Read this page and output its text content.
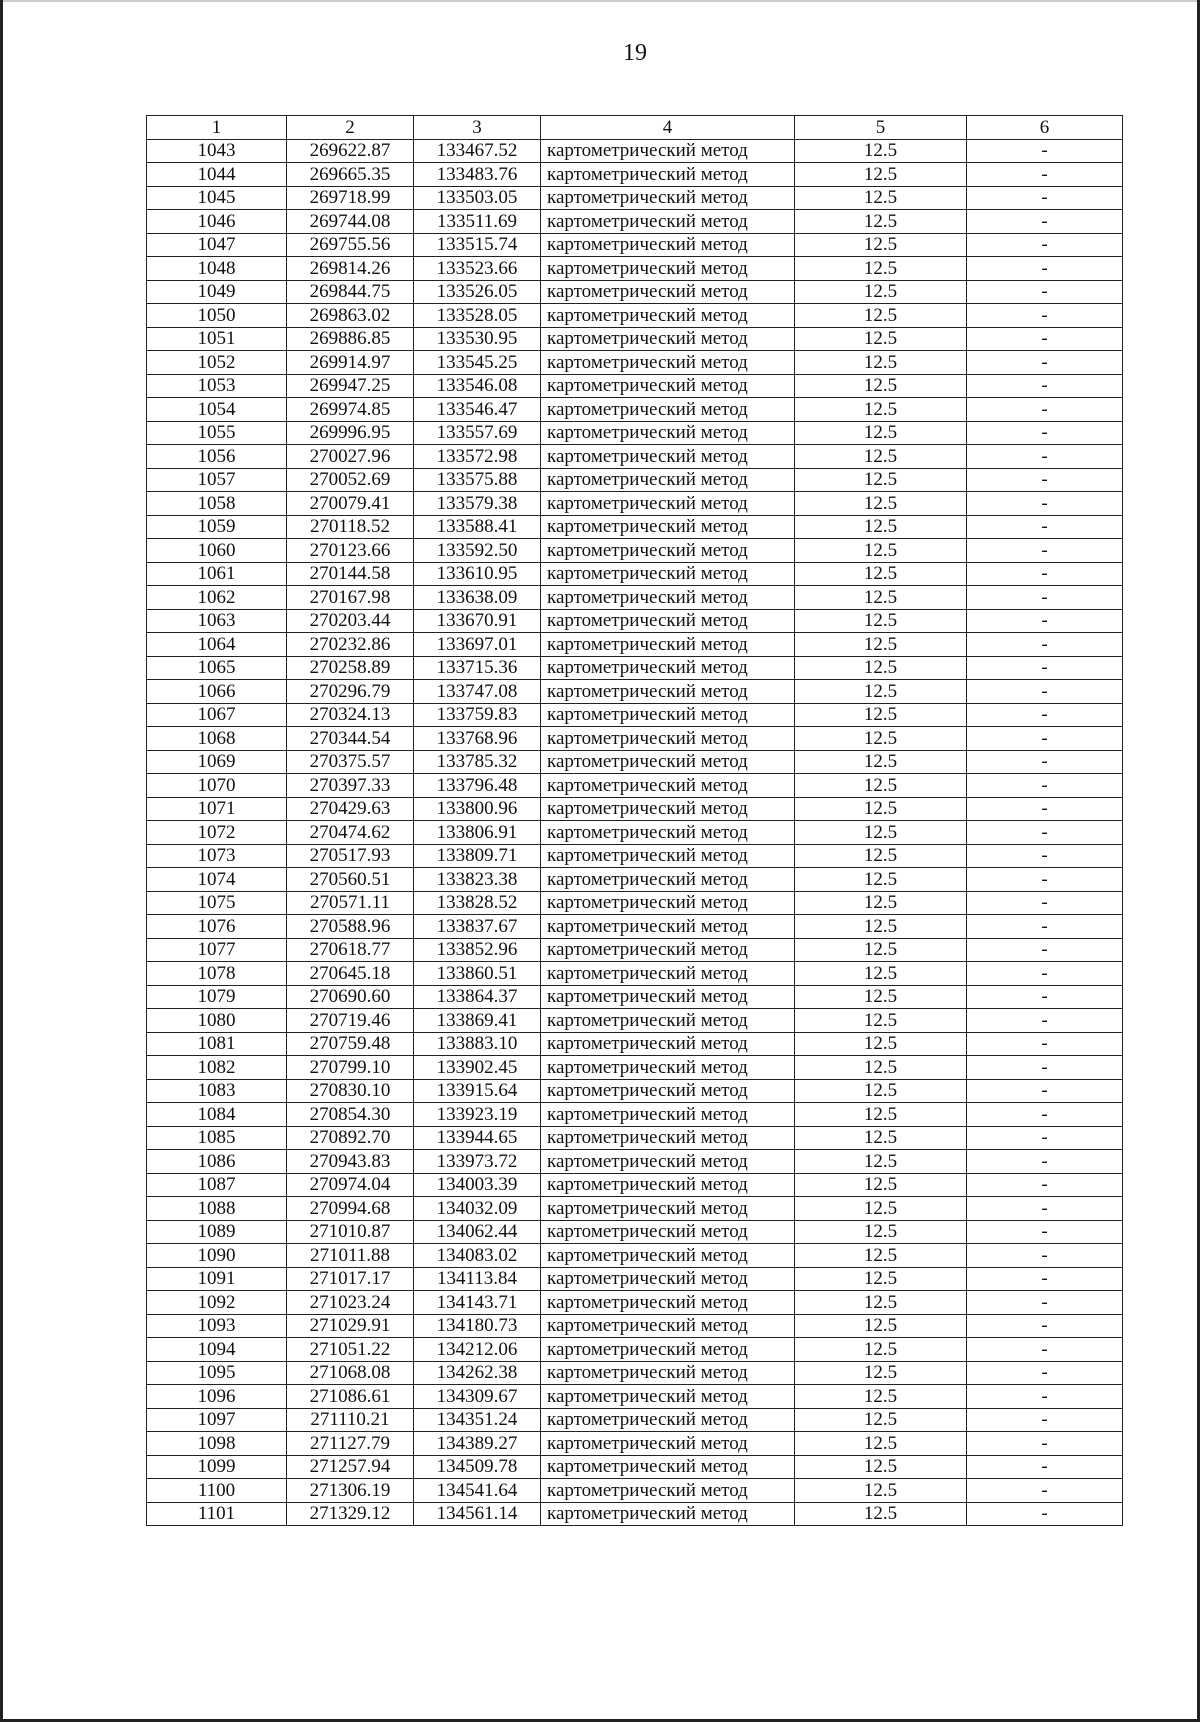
19
1	2	3	4	5	6
1043	269622.87	133467.52	картометрический метод	12.5	-
1044	269665.35	133483.76	картометрический метод	12.5	-
1045	269718.99	133503.05	картометрический метод	12.5	-
1046	269744.08	133511.69	картометрический метод	12.5	-
1047	269755.56	133515.74	картометрический метод	12.5	-
1048	269814.26	133523.66	картометрический метод	12.5	-
1049	269844.75	133526.05	картометрический метод	12.5	-
1050	269863.02	133528.05	картометрический метод	12.5	-
1051	269886.85	133530.95	картометрический метод	12.5	-
1052	269914.97	133545.25	картометрический метод	12.5	-
1053	269947.25	133546.08	картометрический метод	12.5	-
1054	269974.85	133546.47	картометрический метод	12.5	-
1055	269996.95	133557.69	картометрический метод	12.5	-
1056	270027.96	133572.98	картометрический метод	12.5	-
1057	270052.69	133575.88	картометрический метод	12.5	-
1058	270079.41	133579.38	картометрический метод	12.5	-
1059	270118.52	133588.41	картометрический метод	12.5	-
1060	270123.66	133592.50	картометрический метод	12.5	-
1061	270144.58	133610.95	картометрический метод	12.5	-
1062	270167.98	133638.09	картометрический метод	12.5	-
1063	270203.44	133670.91	картометрический метод	12.5	-
1064	270232.86	133697.01	картометрический метод	12.5	-
1065	270258.89	133715.36	картометрический метод	12.5	-
1066	270296.79	133747.08	картометрический метод	12.5	-
1067	270324.13	133759.83	картометрический метод	12.5	-
1068	270344.54	133768.96	картометрический метод	12.5	-
1069	270375.57	133785.32	картометрический метод	12.5	-
1070	270397.33	133796.48	картометрический метод	12.5	-
1071	270429.63	133800.96	картометрический метод	12.5	-
1072	270474.62	133806.91	картометрический метод	12.5	-
1073	270517.93	133809.71	картометрический метод	12.5	-
1074	270560.51	133823.38	картометрический метод	12.5	-
1075	270571.11	133828.52	картометрический метод	12.5	-
1076	270588.96	133837.67	картометрический метод	12.5	-
1077	270618.77	133852.96	картометрический метод	12.5	-
1078	270645.18	133860.51	картометрический метод	12.5	-
1079	270690.60	133864.37	картометрический метод	12.5	-
1080	270719.46	133869.41	картометрический метод	12.5	-
1081	270759.48	133883.10	картометрический метод	12.5	-
1082	270799.10	133902.45	картометрический метод	12.5	-
1083	270830.10	133915.64	картометрический метод	12.5	-
1084	270854.30	133923.19	картометрический метод	12.5	-
1085	270892.70	133944.65	картометрический метод	12.5	-
1086	270943.83	133973.72	картометрический метод	12.5	-
1087	270974.04	134003.39	картометрический метод	12.5	-
1088	270994.68	134032.09	картометрический метод	12.5	-
1089	271010.87	134062.44	картометрический метод	12.5	-
1090	271011.88	134083.02	картометрический метод	12.5	-
1091	271017.17	134113.84	картометрический метод	12.5	-
1092	271023.24	134143.71	картометрический метод	12.5	-
1093	271029.91	134180.73	картометрический метод	12.5	-
1094	271051.22	134212.06	картометрический метод	12.5	-
1095	271068.08	134262.38	картометрический метод	12.5	-
1096	271086.61	134309.67	картометрический метод	12.5	-
1097	271110.21	134351.24	картометрический метод	12.5	-
1098	271127.79	134389.27	картометрический метод	12.5	-
1099	271257.94	134509.78	картометрический метод	12.5	-
1100	271306.19	134541.64	картометрический метод	12.5	-
1101	271329.12	134561.14	картометрический метод	12.5	-
